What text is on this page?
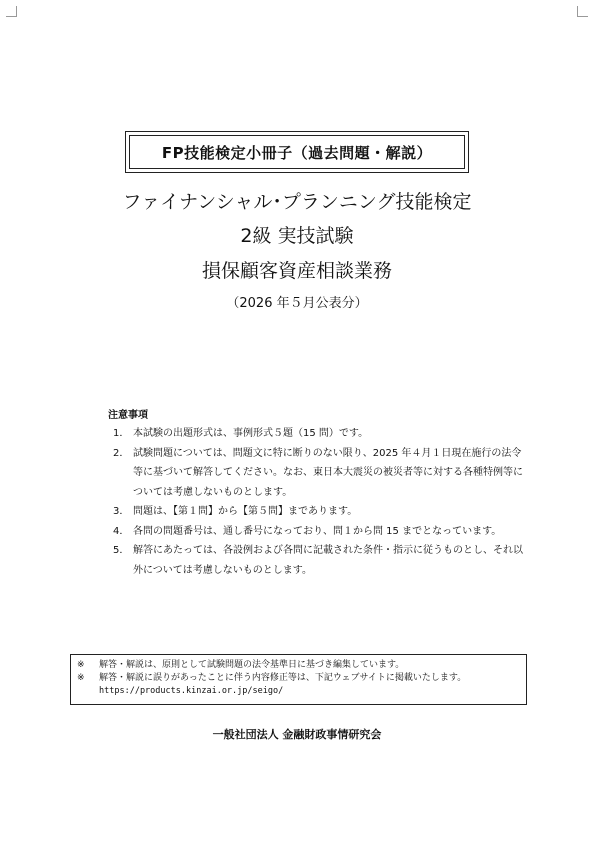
FP技能検定小冊子（過去問題・解説）
ファイナンシャル･プランニング技能検定
2級 実技試験
損保顧客資産相談業務
（2026 年５月公表分）
注意事項
1． 本試験の出題形式は、事例形式５題（15 問）です。
2． 試験問題については、問題文に特に断りのない限り、2025 年４月１日現在施行の法令等に基づいて解答してください。なお、東日本大震災の被災者等に対する各種特例等については考慮しないものとします。
3． 問題は、【第１問】から【第５問】まであります。
4． 各問の問題番号は、通し番号になっており、問１から問 15 までとなっています。
5． 解答にあたっては、各設例および各問に記載された条件・指示に従うものとし、それ以外については考慮しないものとします。
※	解答・解説は、原則として試験問題の法令基準日に基づき編集しています。
※	解答・解説に誤りがあったことに伴う内容修正等は、下記ウェブサイトに掲載いたします。
https://products.kinzai.or.jp/seigo/
一般社団法人 金融財政事情研究会
